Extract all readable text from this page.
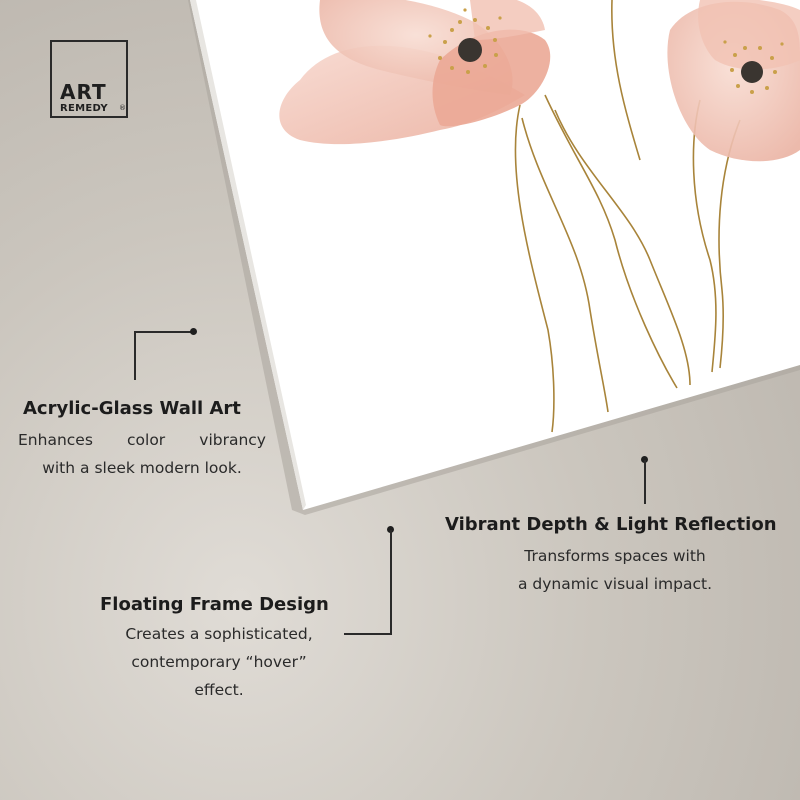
ART
REMEDY ®
Acrylic-Glass Wall Art
Enhances color vibrancy
with a sleek modern look.
Vibrant Depth & Light Reflection
Transforms spaces with
a dynamic visual impact.
Floating Frame Design
Creates a sophisticated,
contemporary “hover”
effect.
